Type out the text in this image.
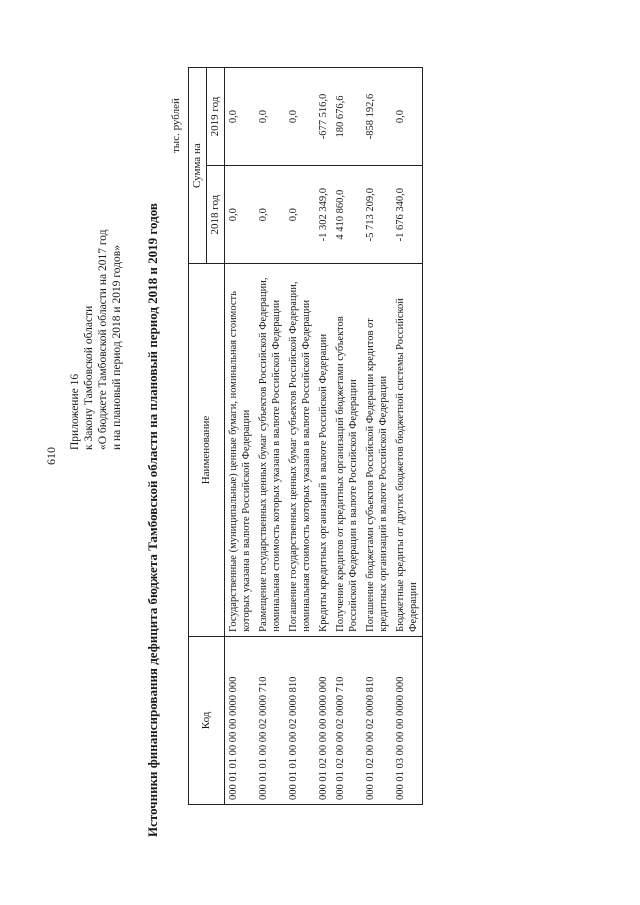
610
Приложение 16 к Закону Тамбовской области «О бюджете Тамбовской области на 2017 год и на плановый период 2018 и 2019 годов» Источники финансирования дефицита бюджета Тамбовской области на плановый период 2018 и 2019 годов
тыс. рублей
Код	Наименование	Сумма на	
		2018 год	2019 год
000 01 01 00 00 00 0000 000	Государственные (муниципальные) ценные бумаги, номинальная стоимость которых указана в валюте Российской Федерации	0,0	0,0
000 01 01 00 00 02 0000 710	Размещение государственных ценных бумаг субъектов Российской Федерации, номинальная стоимость которых указана в валюте Российской Федерации	0,0	0,0
000 01 01 00 00 02 0000 810	Погашение государственных ценных бумаг субъектов Российской Федерации, номинальная стоимость которых указана в валюте Российской Федерации	0,0	0,0
000 01 02 00 00 00 0000 000	Кредиты кредитных организаций в валюте Российской Федерации	-1 302 349,0	-677 516,0
000 01 02 00 00 02 0000 710	Получение кредитов от кредитных организаций бюджетами субъектов Российской Федерации в валюте Российской Федерации	4 410 860,0	180 676,6
000 01 02 00 00 02 0000 810	Погашение бюджетами субъектов Российской Федерации кредитов от кредитных организаций в валюте Российской Федерации	-5 713 209,0	-858 192,6
000 01 03 00 00 00 0000 000	Бюджетные кредиты от других бюджетов бюджетной системы Российской Федерации	-1 676 340,0	0,0
